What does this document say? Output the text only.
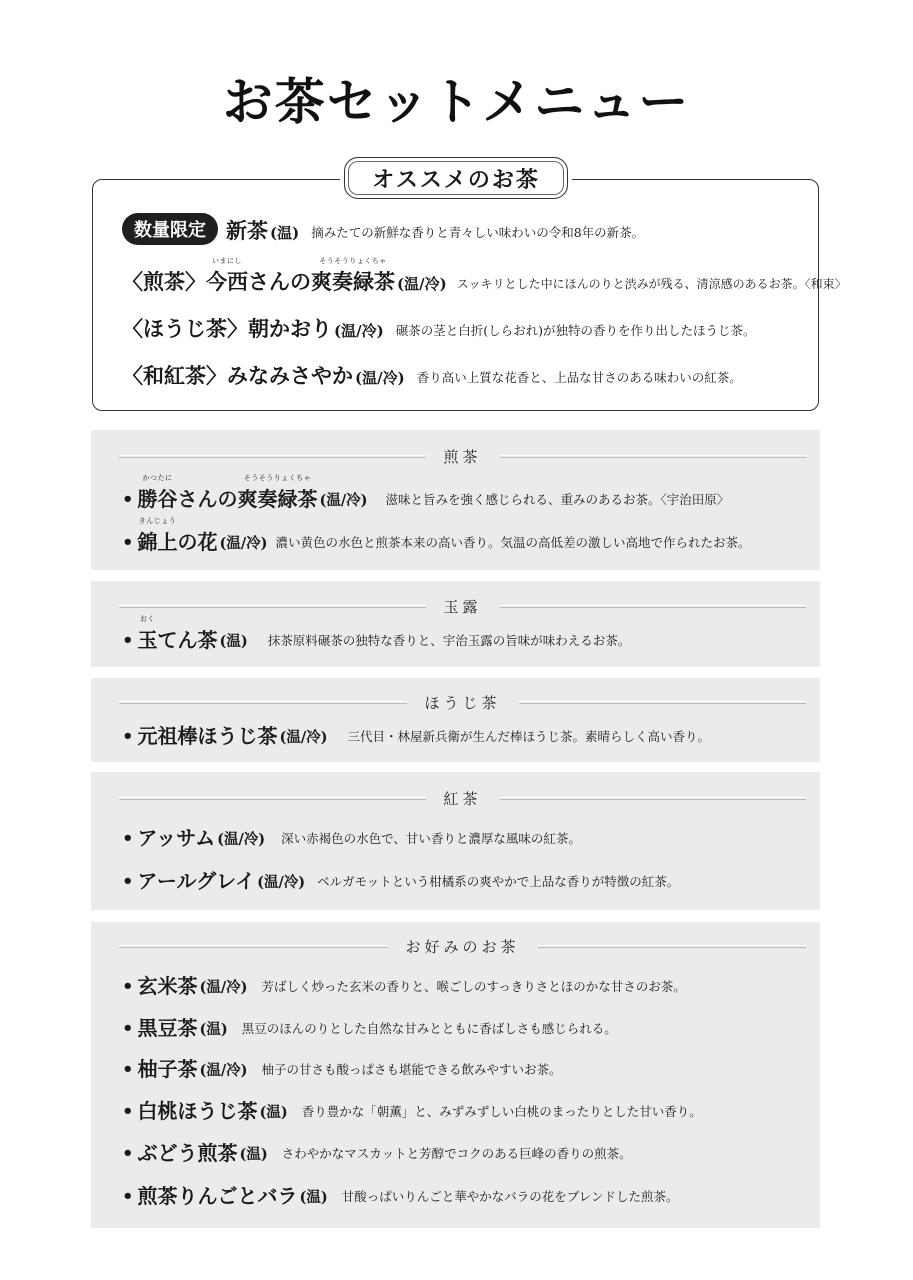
お茶セットメニュー
オススメのお茶
数量限定 新茶 (温) 摘みたての新鮮な香りと青々しい味わいの令和8年の新茶。
〈煎茶〉
いまにし
今西 さんの
そうそうりょくちゃ
爽奏緑茶 (温/冷) スッキリとした中にほんのりと渋みが残る、清涼感のあるお茶。〈和束〉
〈ほうじ茶〉朝かおり (温/冷) 碾茶の茎と白折(しらおれ)が独特の香りを作り出したほうじ茶。
〈和紅茶〉みなみさやか (温/冷) 香り高い上質な花香と、上品な甘さのある味わいの紅茶。
煎茶
•
かつたに
勝谷 さんの
そうそうりょくちゃ
爽奏緑茶 (温/冷) 滋味と旨みを強く感じられる、重みのあるお茶。〈宇治田原〉
•
きんじょう
錦上 の花 (温/冷) 濃い黄色の水色と煎茶本来の高い香り。気温の高低差の激しい高地で作られたお茶。
玉露
•
おく
玉 てん茶 (温) 抹茶原料碾茶の独特な香りと、宇治玉露の旨味が味わえるお茶。
ほうじ茶
• 元祖棒ほうじ茶 (温/冷) 三代目・林屋新兵衛が生んだ棒ほうじ茶。素晴らしく高い香り。
紅茶
• アッサム (温/冷) 深い赤褐色の水色で、甘い香りと濃厚な風味の紅茶。
• アールグレイ (温/冷) ベルガモットという柑橘系の爽やかで上品な香りが特徴の紅茶。
お好みのお茶
• 玄米茶 (温/冷) 芳ばしく炒った玄米の香りと、喉ごしのすっきりさとほのかな甘さのお茶。
• 黒豆茶 (温) 黒豆のほんのりとした自然な甘みとともに香ばしさも感じられる。
• 柚子茶 (温/冷) 柚子の甘さも酸っぱさも堪能できる飲みやすいお茶。
• 白桃ほうじ茶 (温) 香り豊かな「朝薫」と、みずみずしい白桃のまったりとした甘い香り。
• ぶどう煎茶 (温) さわやかなマスカットと芳醇でコクのある巨峰の香りの煎茶。
• 煎茶りんごとバラ (温) 甘酸っぱいりんごと華やかなバラの花をブレンドした煎茶。
